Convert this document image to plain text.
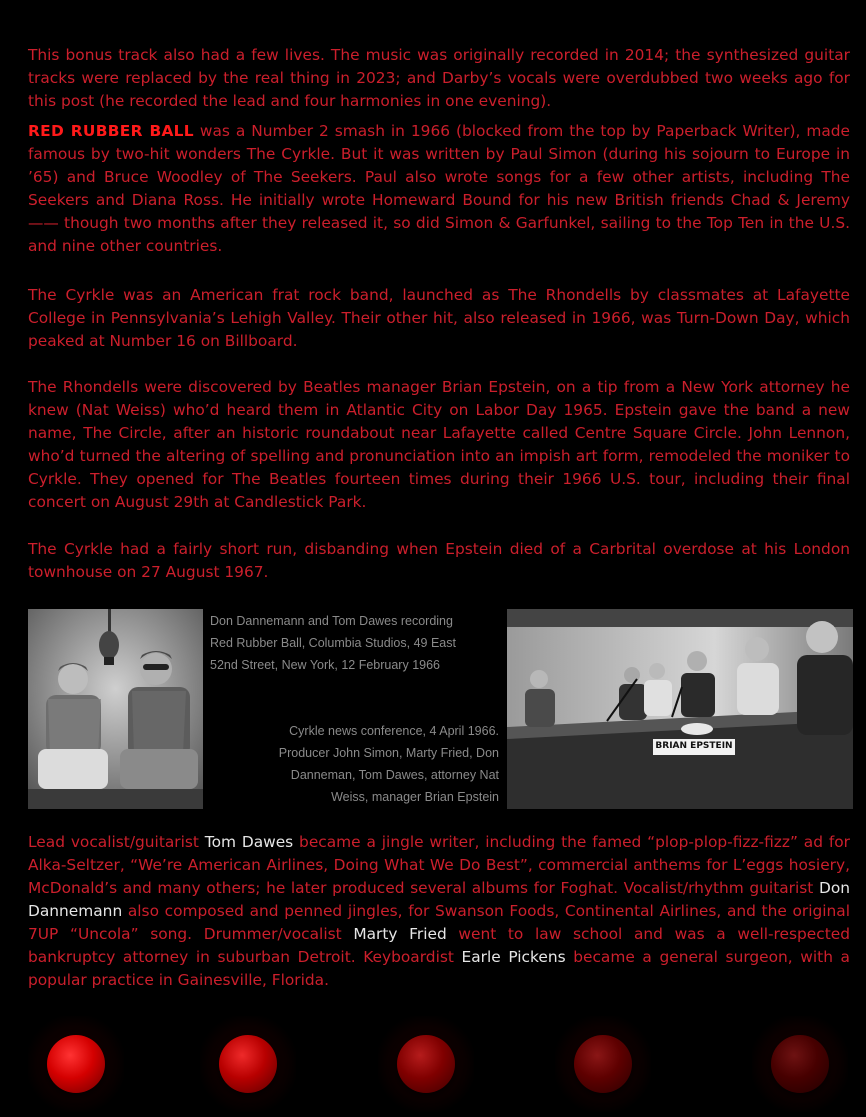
This bonus track also had a few lives. The music was originally recorded in 2014; the synthesized guitar tracks were replaced by the real thing in 2023; and Darby’s vocals were overdubbed two weeks ago for this post (he recorded the lead and four harmonies in one evening).

RED RUBBER BALL was a Number 2 smash in 1966 (blocked from the top by Paperback Writer), made famous by two-hit wonders The Cyrkle. But it was written by Paul Simon (during his sojourn to Europe in ’65) and Bruce Woodley of The Seekers. Paul also wrote songs for a few other artists, including The Seekers and Diana Ross. He initially wrote Homeward Bound for his new British friends Chad & Jeremy —— though two months after they released it, so did Simon & Garfunkel, sailing to the Top Ten in the U.S. and nine other countries.

The Cyrkle was an American frat rock band, launched as The Rhondells by classmates at Lafayette College in Pennsylvania’s Lehigh Valley. Their other hit, also released in 1966, was Turn-Down Day, which peaked at Number 16 on Billboard.

The Rhondells were discovered by Beatles manager Brian Epstein, on a tip from a New York attorney he knew (Nat Weiss) who’d heard them in Atlantic City on Labor Day 1965. Epstein gave the band a new name, The Circle, after an historic roundabout near Lafayette called Centre Square Circle. John Lennon, who’d turned the altering of spelling and pronunciation into an impish art form, remodeled the moniker to Cyrkle. They opened for The Beatles fourteen times during their 1966 U.S. tour, including their final concert on August 29th at Candlestick Park.

The Cyrkle had a fairly short run, disbanding when Epstein died of a Carbrital overdose at his London townhouse on 27 August 1967.

Don Dannemann and Tom Dawes recording Red Rubber Ball, Columbia Studios, 49 East 52nd Street, New York, 12 February 1966
Cyrkle news conference, 4 April 1966. Producer John Simon, Marty Fried, Don Danneman, Tom Dawes, attorney Nat Weiss, manager Brian Epstein
BRIAN EPSTEIN

Lead vocalist/guitarist Tom Dawes became a jingle writer, including the famed “plop-plop-fizz-fizz” ad for Alka-Seltzer, “We’re American Airlines, Doing What We Do Best”, commercial anthems for L’eggs hosiery, McDonald’s and many others; he later produced several albums for Foghat. Vocalist/rhythm guitarist Don Dannemann also composed and penned jingles, for Swanson Foods, Continental Airlines, and the original 7UP “Uncola” song. Drummer/vocalist Marty Fried went to law school and was a well-respected bankruptcy attorney in suburban Detroit. Keyboardist Earle Pickens became a general surgeon, with a popular practice in Gainesville, Florida.
